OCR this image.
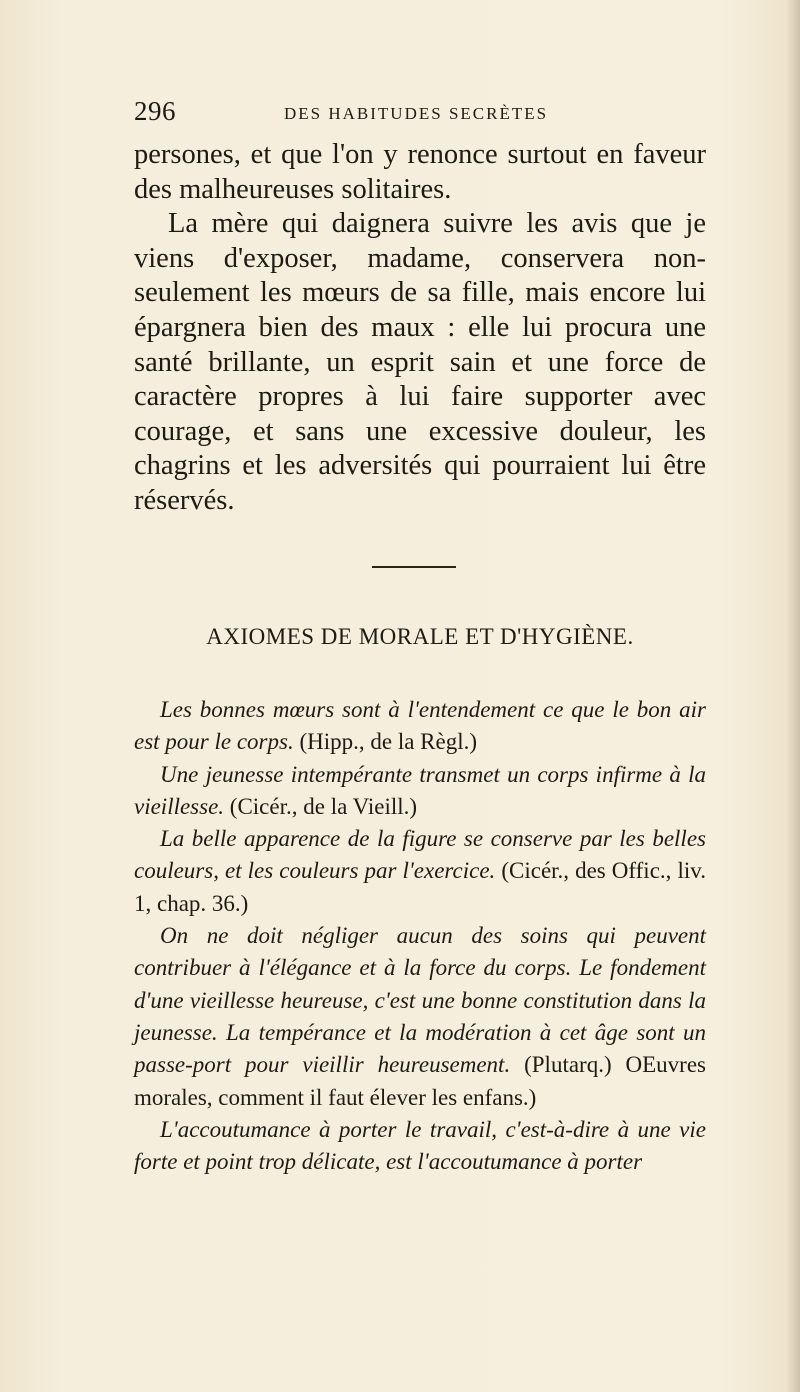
296	DES HABITUDES SECRÈTES

persones, et que l'on y renonce surtout en faveur des malheureuses solitaires.

La mère qui daignera suivre les avis que je viens d'exposer, madame, conservera non-seulement les mœurs de sa fille, mais encore lui épargnera bien des maux : elle lui procura une santé brillante, un esprit sain et une force de caractère propres à lui faire supporter avec courage, et sans une excessive douleur, les chagrins et les adversités qui pourraient lui être réservés.

AXIOMES DE MORALE ET D'HYGIÈNE.

Les bonnes mœurs sont à l'entendement ce que le bon air est pour le corps. (Hipp., de la Règl.)

Une jeunesse intempérante transmet un corps infirme à la vieillesse. (Cicér., de la Vieill.)

La belle apparence de la figure se conserve par les belles couleurs, et les couleurs par l'exercice. (Cicér., des Offic., liv. 1, chap. 36.)

On ne doit négliger aucun des soins qui peuvent contribuer à l'élégance et à la force du corps. Le fondement d'une vieillesse heureuse, c'est une bonne constitution dans la jeunesse. La tempérance et la modération à cet âge sont un passe-port pour vieillir heureusement. (Plutarq.) OEuvres morales, comment il faut élever les enfans.)

L'accoutumance à porter le travail, c'est-à-dire à une vie forte et point trop délicate, est l'accoutumance à porter
